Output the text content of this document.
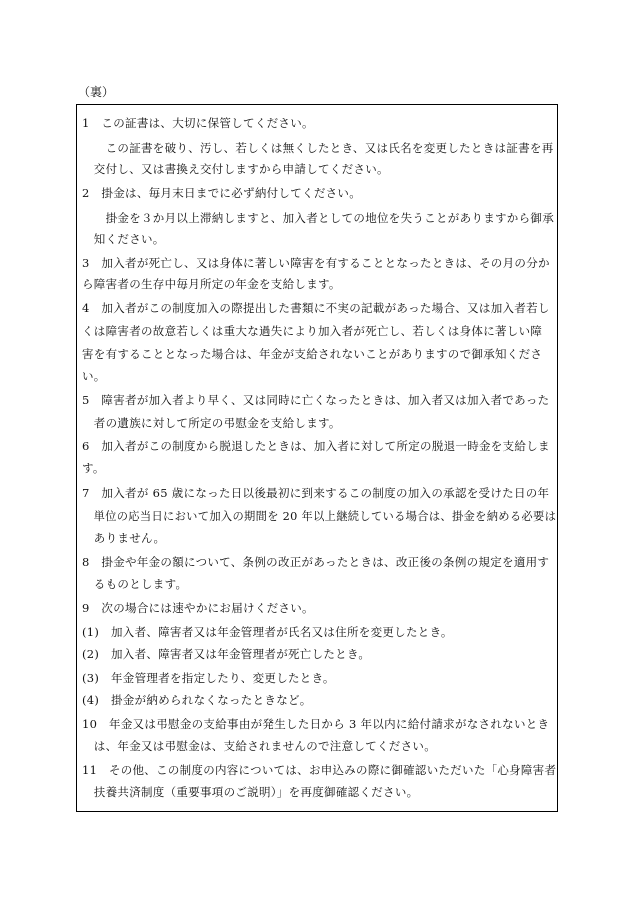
（裏）
1　この証書は、大切に保管してください。
　　この証書を破り、汚し、若しくは無くしたとき、又は氏名を変更したときは証書を再
　交付し、又は書換え交付しますから申請してください。
2　掛金は、毎月末日までに必ず納付してください。
　　掛金を３か月以上滞納しますと、加入者としての地位を失うことがありますから御承
　知ください。
3　加入者が死亡し、又は身体に著しい障害を有することとなったときは、その月の分か
ら障害者の生存中毎月所定の年金を支給します。
4　加入者がこの制度加入の際提出した書類に不実の記載があった場合、又は加入者若し
くは障害者の故意若しくは重大な過失により加入者が死亡し、若しくは身体に著しい障
害を有することとなった場合は、年金が支給されないことがありますので御承知くださ
い。
5　障害者が加入者より早く、又は同時に亡くなったときは、加入者又は加入者であった
　者の遺族に対して所定の弔慰金を支給します。
6　加入者がこの制度から脱退したときは、加入者に対して所定の脱退一時金を支給しま
す。
7　加入者が 65 歳になった日以後最初に到来するこの制度の加入の承認を受けた日の年
　単位の応当日において加入の期間を 20 年以上継続している場合は、掛金を納める必要は
　ありません。
8　掛金や年金の額について、条例の改正があったときは、改正後の条例の規定を適用す
　るものとします。
9　次の場合には速やかにお届けください。
(1)　加入者、障害者又は年金管理者が氏名又は住所を変更したとき。
(2)　加入者、障害者又は年金管理者が死亡したとき。
(3)　年金管理者を指定したり、変更したとき。
(4)　掛金が納められなくなったときなど。
10　年金又は弔慰金の支給事由が発生した日から 3 年以内に給付請求がなされないとき
　は、年金又は弔慰金は、支給されませんので注意してください。
11　その他、この制度の内容については、お申込みの際に御確認いただいた「心身障害者
　扶養共済制度（重要事項のご説明）」を再度御確認ください。
